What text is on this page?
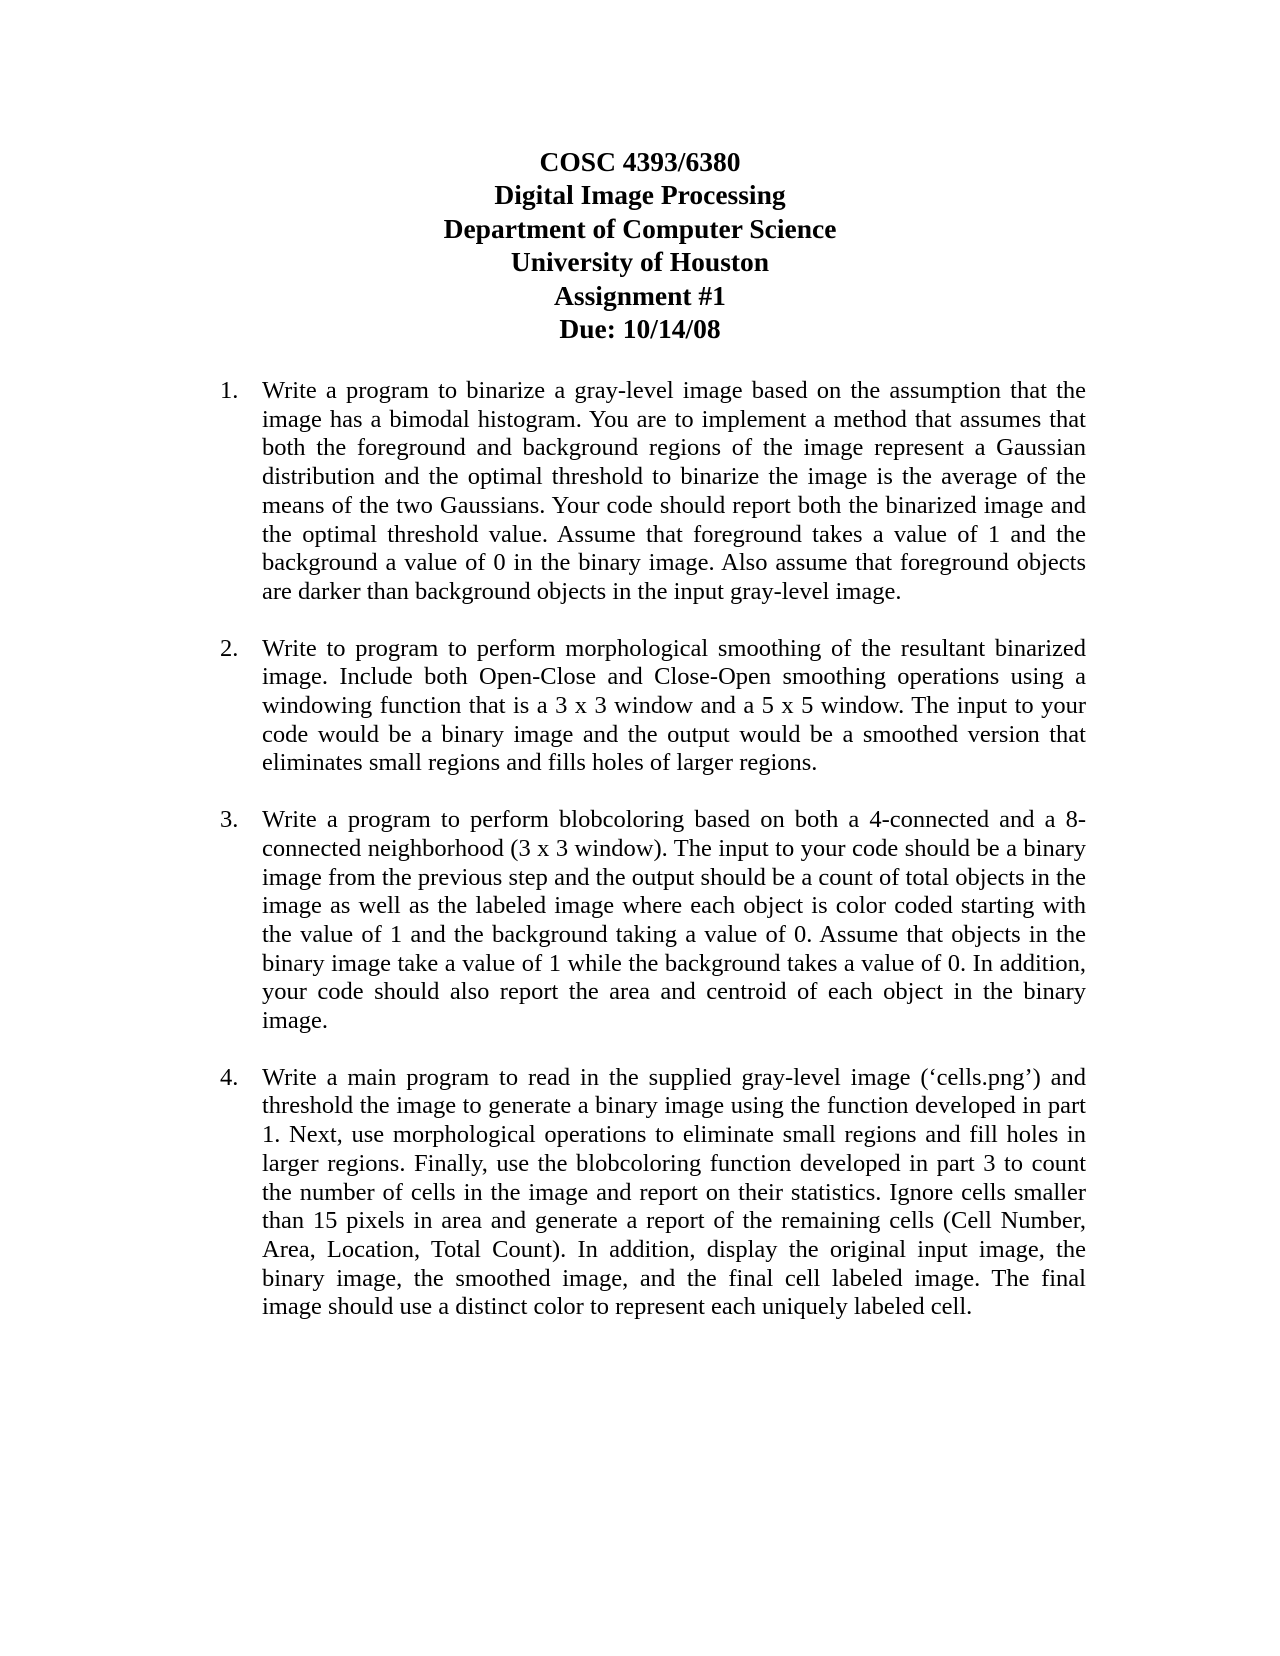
COSC 4393/6380
Digital Image Processing
Department of Computer Science
University of Houston
Assignment #1
Due: 10/14/08
1. Write a program to binarize a gray-level image based on the assumption that the image has a bimodal histogram. You are to implement a method that assumes that both the foreground and background regions of the image represent a Gaussian distribution and the optimal threshold to binarize the image is the average of the means of the two Gaussians. Your code should report both the binarized image and the optimal threshold value. Assume that foreground takes a value of 1 and the background a value of 0 in the binary image. Also assume that foreground objects are darker than background objects in the input gray-level image.
2. Write to program to perform morphological smoothing of the resultant binarized image. Include both Open-Close and Close-Open smoothing operations using a windowing function that is a 3 x 3 window and a 5 x 5 window. The input to your code would be a binary image and the output would be a smoothed version that eliminates small regions and fills holes of larger regions.
3. Write a program to perform blobcoloring based on both a 4-connected and a 8-connected neighborhood (3 x 3 window). The input to your code should be a binary image from the previous step and the output should be a count of total objects in the image as well as the labeled image where each object is color coded starting with the value of 1 and the background taking a value of 0. Assume that objects in the binary image take a value of 1 while the background takes a value of 0. In addition, your code should also report the area and centroid of each object in the binary image.
4. Write a main program to read in the supplied gray-level image (‘cells.png’) and threshold the image to generate a binary image using the function developed in part 1. Next, use morphological operations to eliminate small regions and fill holes in larger regions. Finally, use the blobcoloring function developed in part 3 to count the number of cells in the image and report on their statistics. Ignore cells smaller than 15 pixels in area and generate a report of the remaining cells (Cell Number, Area, Location, Total Count). In addition, display the original input image, the binary image, the smoothed image, and the final cell labeled image. The final image should use a distinct color to represent each uniquely labeled cell.
